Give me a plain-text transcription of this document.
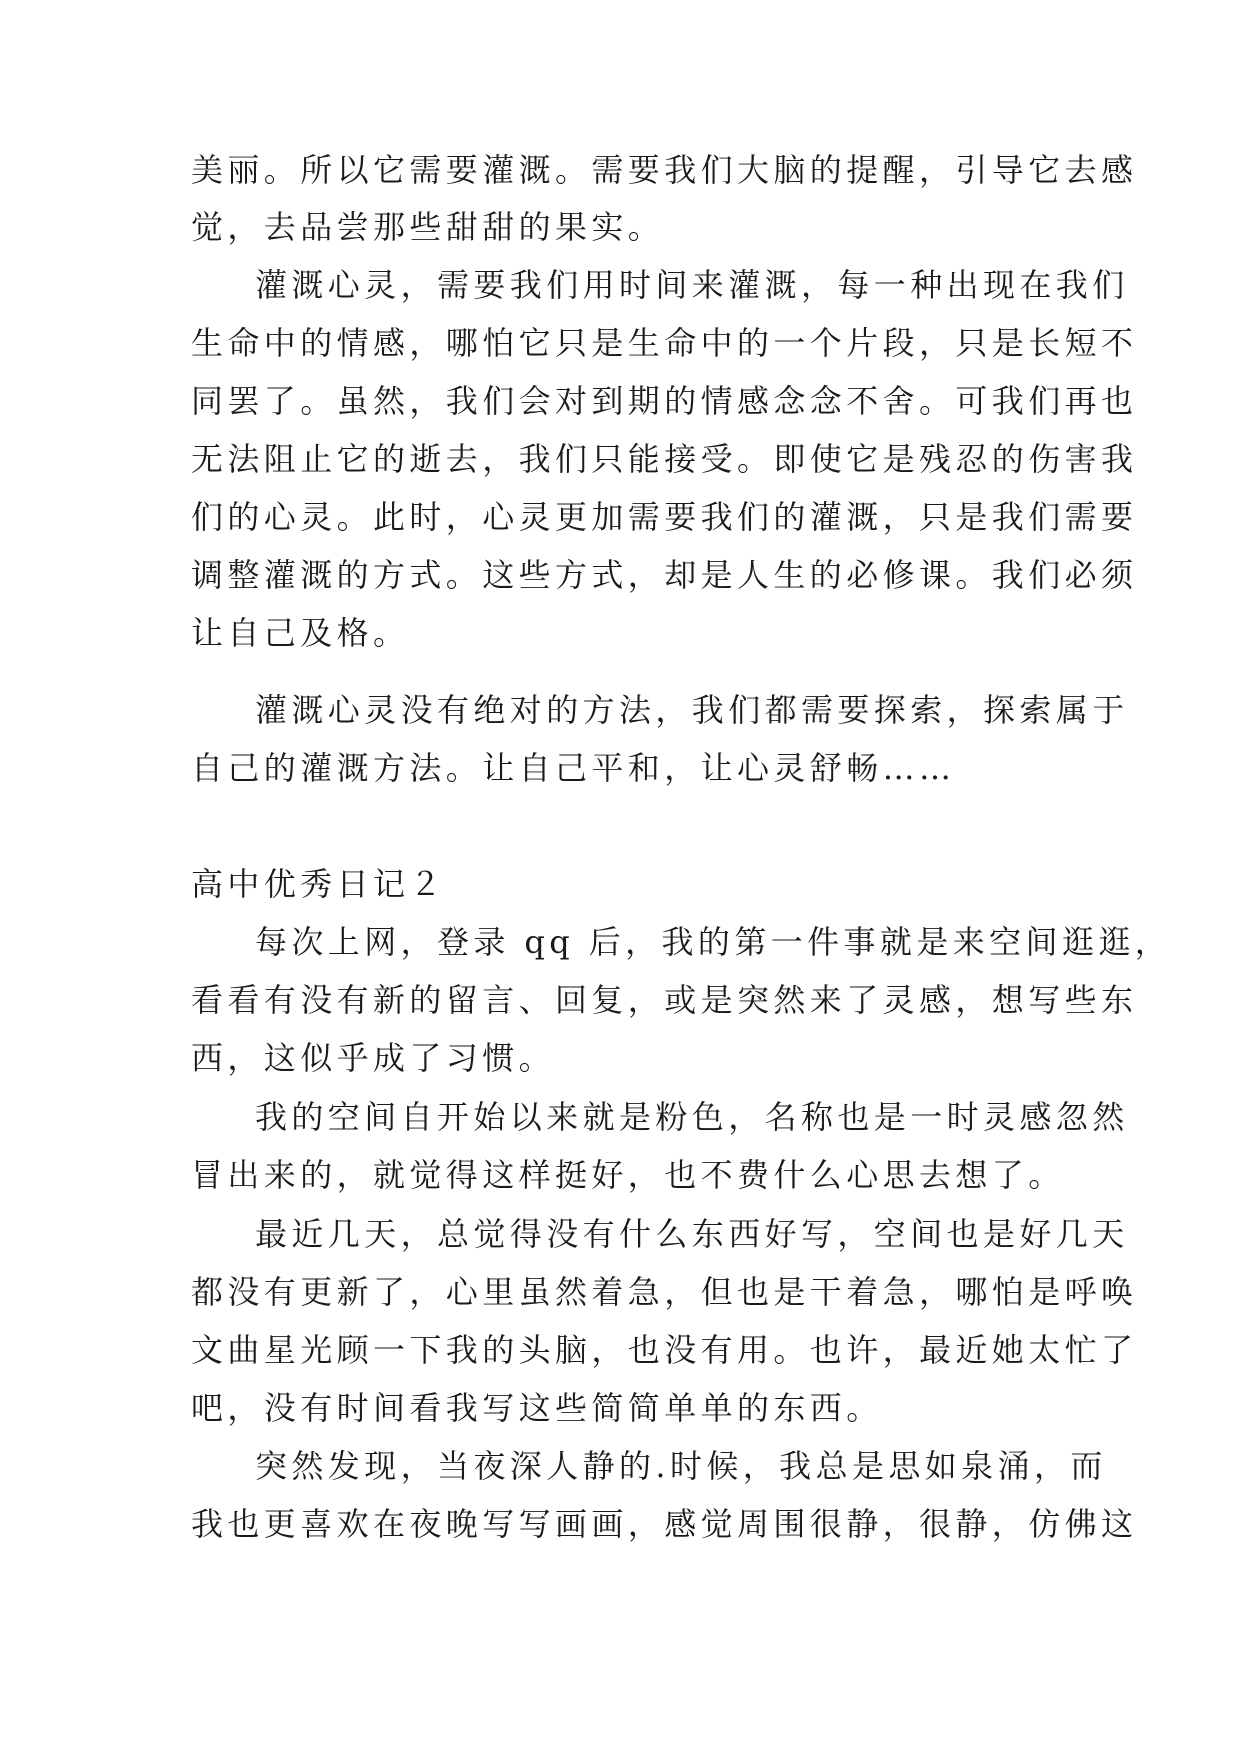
美丽。所以它需要灌溉。需要我们大脑的提醒，引导它去感
觉，去品尝那些甜甜的果实。
灌溉心灵，需要我们用时间来灌溉，每一种出现在我们
生命中的情感，哪怕它只是生命中的一个片段，只是长短不
同罢了。虽然，我们会对到期的情感念念不舍。可我们再也
无法阻止它的逝去，我们只能接受。即使它是残忍的伤害我
们的心灵。此时，心灵更加需要我们的灌溉，只是我们需要
调整灌溉的方式。这些方式，却是人生的必修课。我们必须
让自己及格。
灌溉心灵没有绝对的方法，我们都需要探索，探索属于
自己的灌溉方法。让自己平和，让心灵舒畅……
高中优秀日记２
每次上网，登录 qq 后，我的第一件事就是来空间逛逛，
看看有没有新的留言、回复，或是突然来了灵感，想写些东
西，这似乎成了习惯。
我的空间自开始以来就是粉色，名称也是一时灵感忽然
冒出来的，就觉得这样挺好，也不费什么心思去想了。
最近几天，总觉得没有什么东西好写，空间也是好几天
都没有更新了，心里虽然着急，但也是干着急，哪怕是呼唤
文曲星光顾一下我的头脑，也没有用。也许，最近她太忙了
吧，没有时间看我写这些简简单单的东西。
突然发现，当夜深人静的.时候，我总是思如泉涌，而
我也更喜欢在夜晚写写画画，感觉周围很静，很静，仿佛这
